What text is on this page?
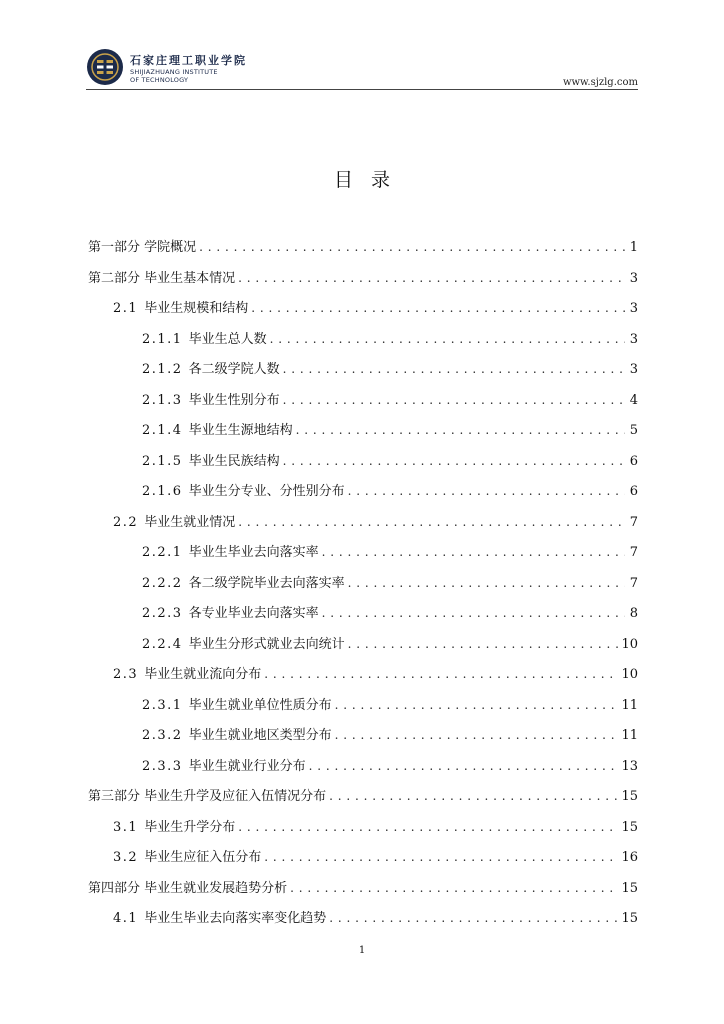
石家庄理工职业学院
SHIJIAZHUANG INSTITUTE
OF TECHNOLOGY	www.sjzlg.com
目录
第一部分 学院概况 . . .	1
第二部分 毕业生基本情况 . . .	3
2.1 毕业生规模和结构 . . .	3
2.1.1 毕业生总人数 . . .	3
2.1.2 各二级学院人数 . . .	3
2.1.3 毕业生性别分布 . . .	4
2.1.4 毕业生生源地结构 . . .	5
2.1.5 毕业生民族结构 . . .	6
2.1.6 毕业生分专业、分性别分布 . . .	6
2.2 毕业生就业情况 . . .	7
2.2.1 毕业生毕业去向落实率 . . .	7
2.2.2 各二级学院毕业去向落实率 . . .	7
2.2.3 各专业毕业去向落实率 . . .	8
2.2.4 毕业生分形式就业去向统计 . . .	10
2.3 毕业生就业流向分布 . . .	10
2.3.1 毕业生就业单位性质分布 . . .	11
2.3.2 毕业生就业地区类型分布 . . .	11
2.3.3 毕业生就业行业分布 . . .	13
第三部分 毕业生升学及应征入伍情况分布 . . .	15
3.1 毕业生升学分布 . . .	15
3.2 毕业生应征入伍分布 . . .	16
第四部分 毕业生就业发展趋势分析 . . .	15
4.1 毕业生毕业去向落实率变化趋势 . . .	15
1
